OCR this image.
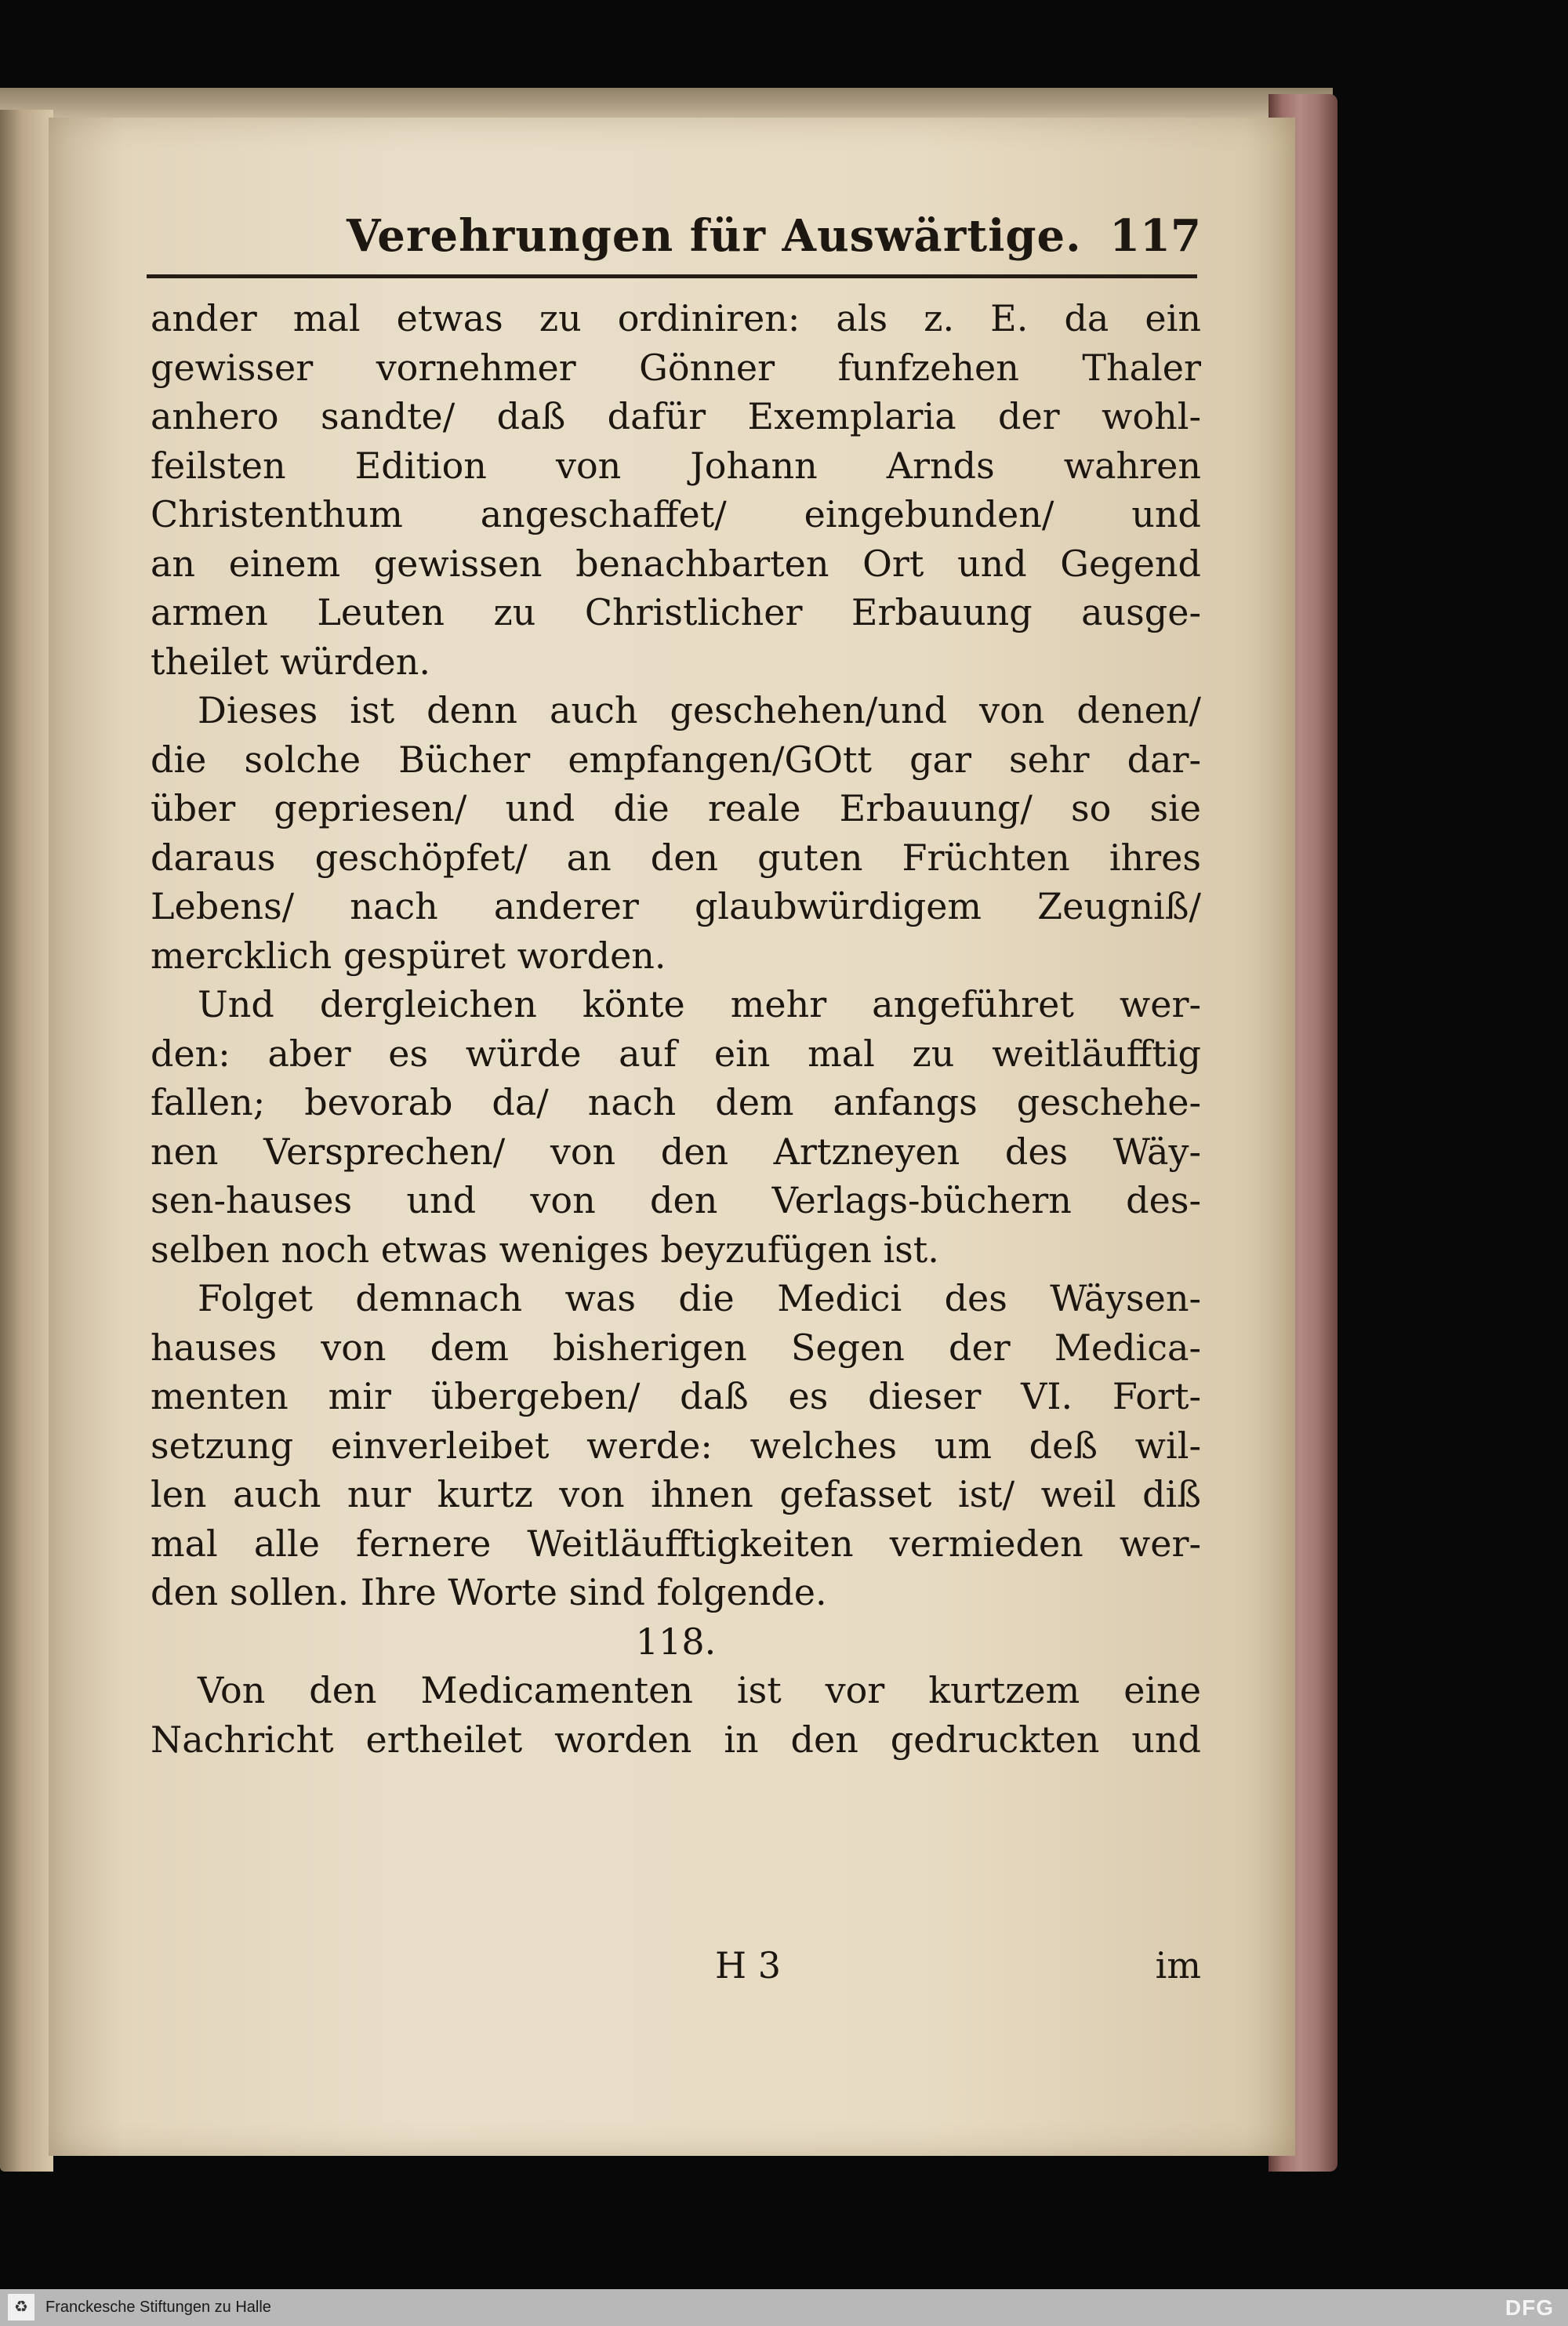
Verehrungen für Auswärtige. 117
ander mal etwas zu ordiniren: als z. E. da ein
gewisser vornehmer Gönner funfzehen Thaler
anhero sandte/ daß dafür Exemplaria der wohl-
feilsten Edition von Johann Arnds wahren
Christenthum angeschaffet/ eingebunden/ und
an einem gewissen benachbarten Ort und Gegend
armen Leuten zu Christlicher Erbauung ausge-
theilet würden.
Dieses ist denn auch geschehen/und von denen/
die solche Bücher empfangen/GOtt gar sehr dar-
über gepriesen/ und die reale Erbauung/ so sie
daraus geschöpfet/ an den guten Früchten ihres
Lebens/ nach anderer glaubwürdigem Zeugniß/
mercklich gespüret worden.
Und dergleichen könte mehr angeführet wer-
den: aber es würde auf ein mal zu weitläufftig
fallen; bevorab da/ nach dem anfangs geschehe-
nen Versprechen/ von den Artzneyen des Wäy-
sen-hauses und von den Verlags-büchern des-
selben noch etwas weniges beyzufügen ist.
Folget demnach was die Medici des Wäysen-
hauses von dem bisherigen Segen der Medica-
menten mir übergeben/ daß es dieser VI. Fort-
setzung einverleibet werde: welches um deß wil-
len auch nur kurtz von ihnen gefasset ist/ weil diß
mal alle fernere Weitläufftigkeiten vermieden wer-
den sollen. Ihre Worte sind folgende.
118.
Von den Medicamenten ist vor kurtzem eine
Nachricht ertheilet worden in den gedruckten und
H 3	im
♻	Franckesche Stiftungen zu Halle	DFG
